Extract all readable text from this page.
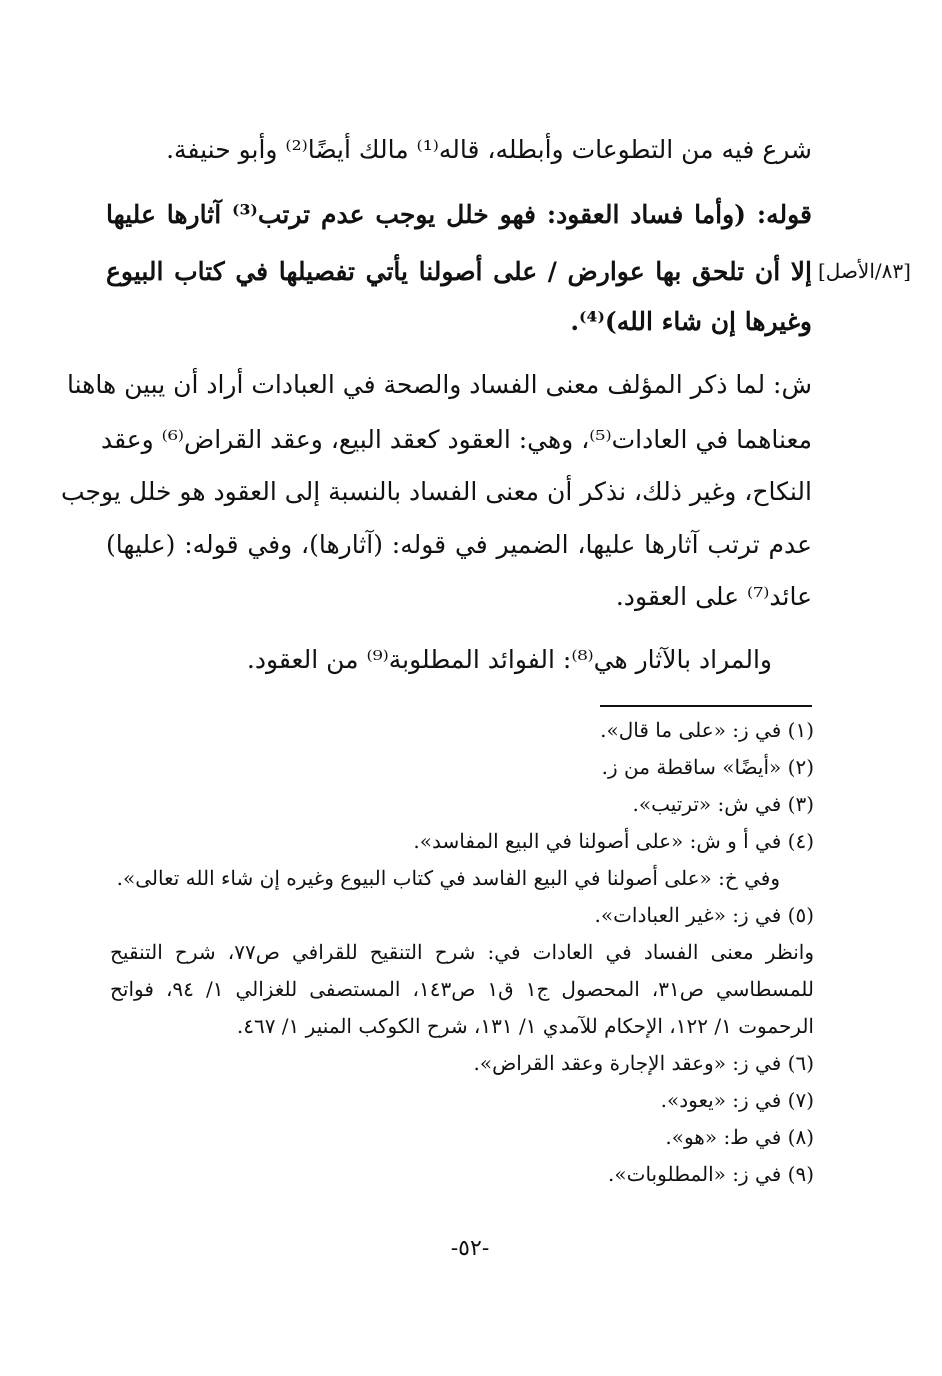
شرع فيه من التطوعات وأبطله، قاله⁽¹⁾ مالك أيضًا⁽²⁾ وأبو حنيفة.

قوله: (وأما فساد العقود: فهو خلل يوجب عدم ترتب⁽³⁾ آثارها عليها

إلا أن تلحق بها عوارض / على أصولنا يأتي تفصيلها في كتاب البيوع

وغيرها إن شاء الله)⁽⁴⁾.

[٨٣/الأصل]

ش: لما ذكر المؤلف معنى الفساد والصحة في العبادات أراد أن يبين هاهنا

معناهما في العادات⁽⁵⁾، وهي: العقود كعقد البيع، وعقد القراض⁽⁶⁾ وعقد

النكاح، وغير ذلك، نذكر أن معنى الفساد بالنسبة إلى العقود هو خلل يوجب

عدم ترتب آثارها عليها، الضمير في قوله: (آثارها)، وفي قوله: (عليها)

عائد⁽⁷⁾ على العقود.

والمراد بالآثار هي⁽⁸⁾: الفوائد المطلوبة⁽⁹⁾ من العقود.

(١) في ز: «على ما قال».

(٢) «أيضًا» ساقطة من ز.

(٣) في ش: «ترتيب».

(٤) في أ و ش: «على أصولنا في البيع المفاسد».

وفي خ: «على أصولنا في البيع الفاسد في كتاب البيوع وغيره إن شاء الله تعالى».

(٥) في ز: «غير العبادات».

وانظر معنى الفساد في العادات في: شرح التنقيح للقرافي ص٧٧، شرح التنقيح

للمسطاسي ص٣١، المحصول ج١ ق١ ص١٤٣، المستصفى للغزالي ١/ ٩٤، فواتح

الرحموت ١/ ١٢٢، الإحكام للآمدي ١/ ١٣١، شرح الكوكب المنير ١/ ٤٦٧.

(٦) في ز: «وعقد الإجارة وعقد القراض».

(٧) في ز: «يعود».

(٨) في ط: «هو».

(٩) في ز: «المطلوبات».

-٥٢-
